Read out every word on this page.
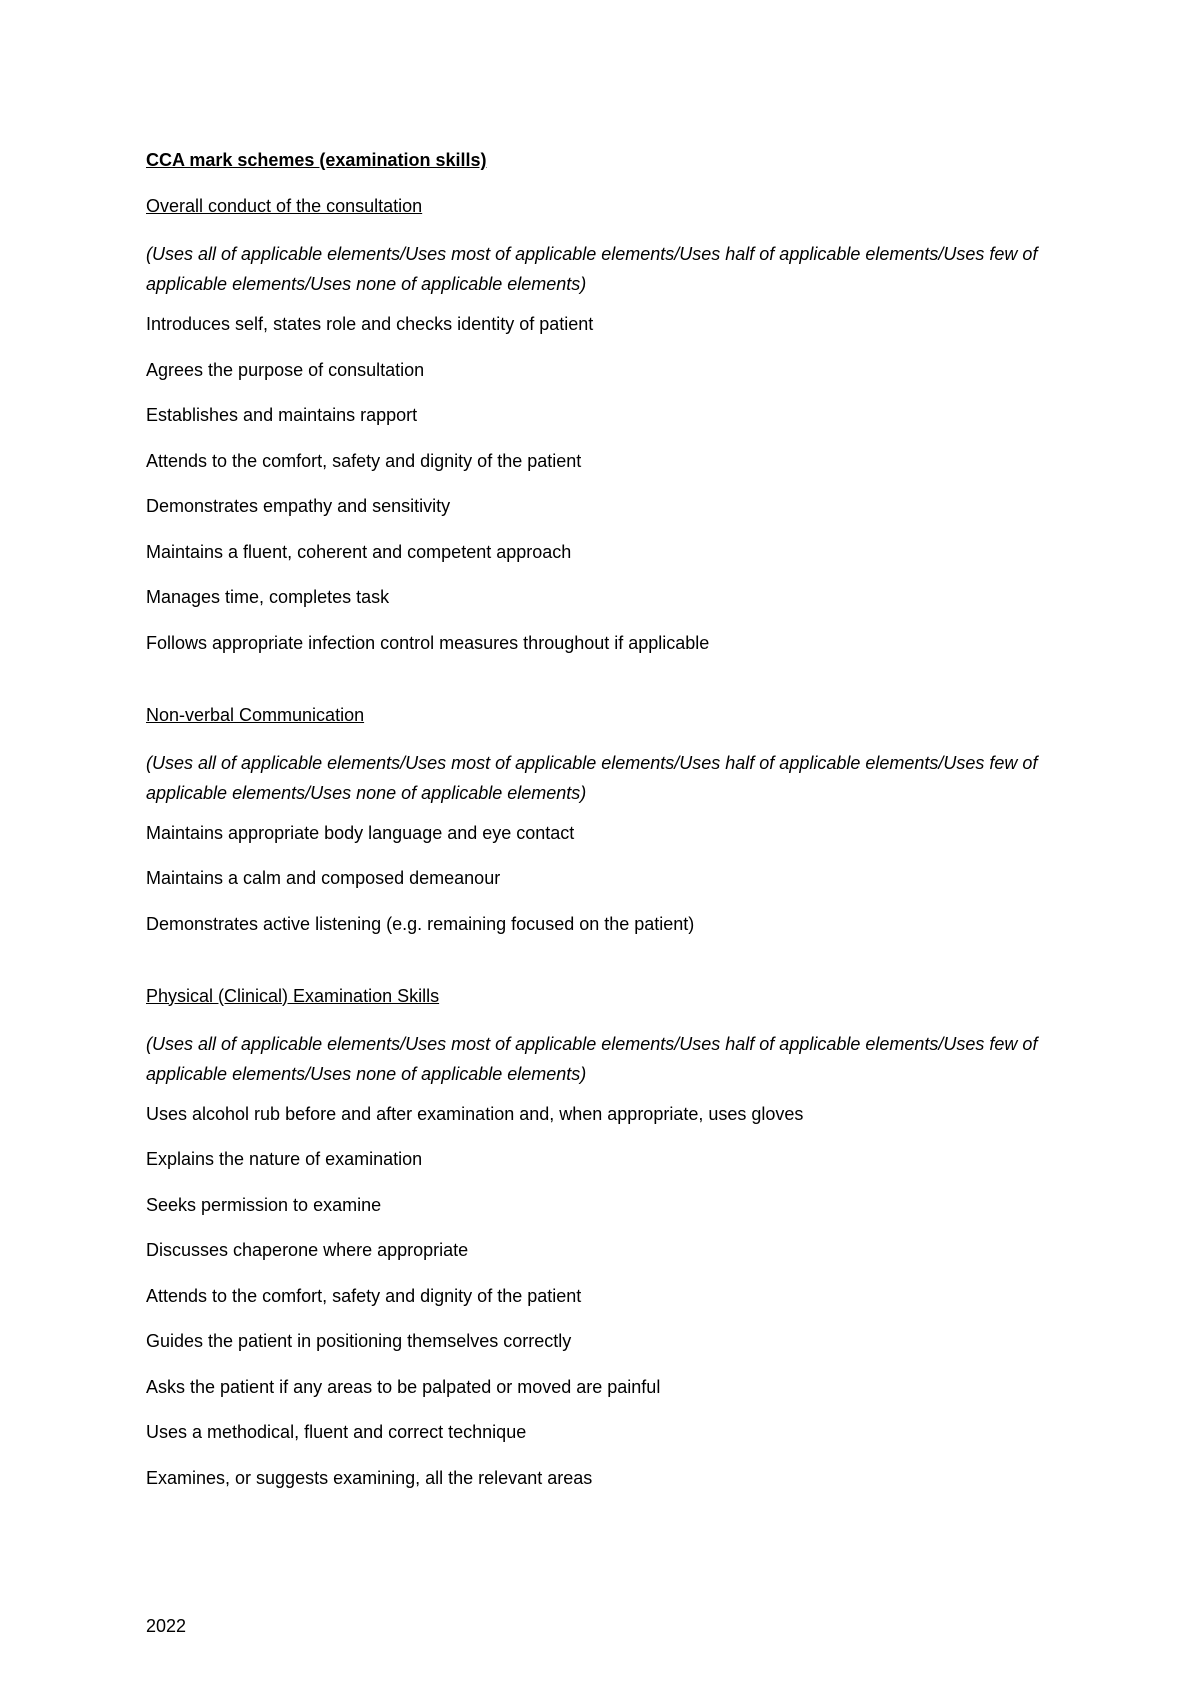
CCA mark schemes (examination skills)
Overall conduct of the consultation
(Uses all of applicable elements/Uses most of applicable elements/Uses half of applicable elements/Uses few of applicable elements/Uses none of applicable elements)
Introduces self, states role and checks identity of patient
Agrees the purpose of consultation
Establishes and maintains rapport
Attends to the comfort, safety and dignity of the patient
Demonstrates empathy and sensitivity
Maintains a fluent, coherent and competent approach
Manages time, completes task
Follows appropriate infection control measures throughout if applicable
Non-verbal Communication
(Uses all of applicable elements/Uses most of applicable elements/Uses half of applicable elements/Uses few of applicable elements/Uses none of applicable elements)
Maintains appropriate body language and eye contact
Maintains a calm and composed demeanour
Demonstrates active listening (e.g. remaining focused on the patient)
Physical (Clinical) Examination Skills
(Uses all of applicable elements/Uses most of applicable elements/Uses half of applicable elements/Uses few of applicable elements/Uses none of applicable elements)
Uses alcohol rub before and after examination and, when appropriate, uses gloves
Explains the nature of examination
Seeks permission to examine
Discusses chaperone where appropriate
Attends to the comfort, safety and dignity of the patient
Guides the patient in positioning themselves correctly
Asks the patient if any areas to be palpated or moved are painful
Uses a methodical, fluent and correct technique
Examines, or suggests examining, all the relevant areas
2022
